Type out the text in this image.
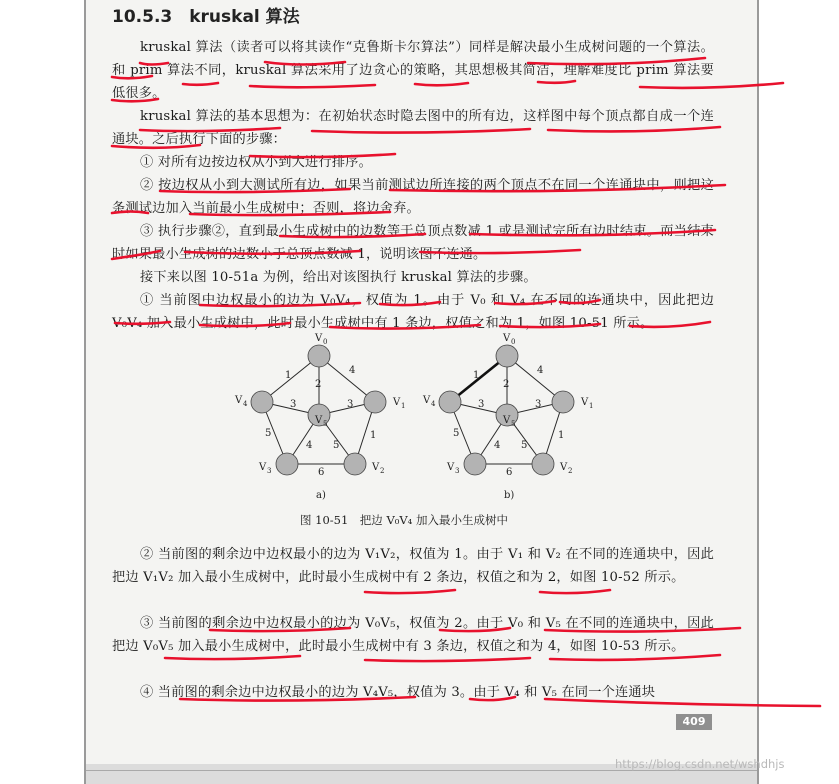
10.5.3　kruskal 算法
kruskal 算法（读者可以将其读作“克鲁斯卡尔算法”）同样是解决最小生成树问题的一个算法。和 prim 算法不同，kruskal 算法采用了边贪心的策略，其思想极其简洁，理解难度比 prim 算法要低很多。
kruskal 算法的基本思想为：在初始状态时隐去图中的所有边，这样图中每个顶点都自成一个连通块。之后执行下面的步骤：
① 对所有边按边权从小到大进行排序。
② 按边权从小到大测试所有边，如果当前测试边所连接的两个顶点不在同一个连通块中，则把这条测试边加入当前最小生成树中；否则，将边舍弃。
③ 执行步骤②，直到最小生成树中的边数等于总顶点数减 1 或是测试完所有边时结束。而当结束时如果最小生成树的边数小于总顶点数减 1，说明该图不连通。
接下来以图 10-51a 为例，给出对该图执行 kruskal 算法的步骤。
① 当前图中边权最小的边为 V₀V₄，权值为 1。由于 V₀ 和 V₄ 在不同的连通块中，因此把边 V₀V₄ 加入最小生成树中，此时最小生成树中有 1 条边，权值之和为 1，如图 10-51 所示。
1
2
4
3	3
5	1
4 5
6
V 0
V 1
V 2
V 3
V 4
V 5
a)
1
2
4
3	3
5	1
4 5
6
V 0
V 1
V 2
V 3
V 4
V 5
b)
图 10-51　把边 V₀V₄ 加入最小生成树中
② 当前图的剩余边中边权最小的边为 V₁V₂，权值为 1。由于 V₁ 和 V₂ 在不同的连通块中，因此把边 V₁V₂ 加入最小生成树中，此时最小生成树中有 2 条边，权值之和为 2，如图 10-52 所示。
③ 当前图的剩余边中边权最小的边为 V₀V₅，权值为 2。由于 V₀ 和 V₅ 在不同的连通块中，因此把边 V₀V₅ 加入最小生成树中，此时最小生成树中有 3 条边，权值之和为 4，如图 10-53 所示。
④ 当前图的剩余边中边权最小的边为 V₄V₅，权值为 3。由于 V₄ 和 V₅ 在同一个连通块
409
https://blog.csdn.net/wshdhjs
